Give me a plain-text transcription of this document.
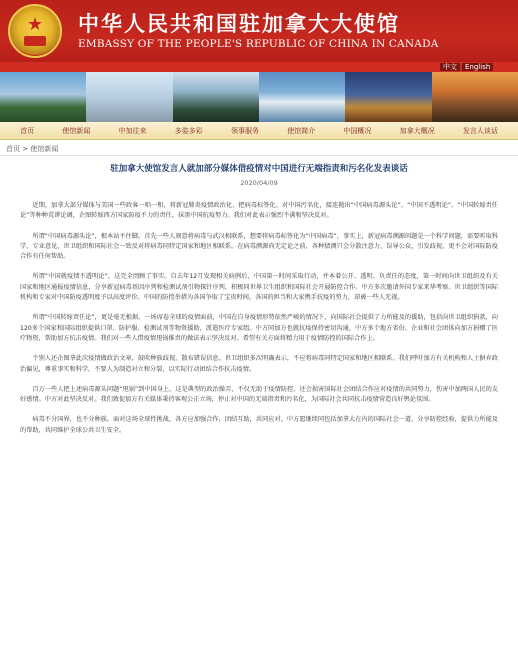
★ 中华人民共和国驻加拿大大使馆
EMBASSY OF THE PEOPLE'S REPUBLIC OF CHINA IN CANADA
中文	English
首页	使馆新闻	中加往来	多姿多彩	领事服务	使馆简介	中国概况	加拿大概况	发言人谈话
首页 > 使馆新闻

驻加拿大使馆发言人就加部分媒体借疫情对中国进行无端指责和污名化发表谈话

2020/04/09

近期，加拿大部分媒体与美国一些政客一唱一和，将新冠肺炎疫情政治化、把病毒标签化、对中国污名化，接连抛出“中国病毒源头论”、“中国不透明论”、“中国转嫁责任论”等种种荒谬论调，企图转嫁西方国家防疫不力的责任，抹黑中国抗疫努力。我们对此表示强烈不满和坚决反对。

所谓“中国病毒源头论”，根本站不住脚。首先一些人刻意将病毒与武汉相联系，想要将病毒标签化为“中国病毒”，事实上，新冠病毒溯源问题是一个科学问题，需要听取科学、专业意见，世卫组织和国际社会一致反对将病毒同特定国家和地区相联系。在病毒溯源尚无定论之前，各种猜测只会分散注意力，误导公众，引发歧视，更不会对国际防疫合作有任何帮助。

所谓“中国就疫情不透明论”，这完全罔顾了事实。自去年12月发现相关病例后，中国第一时间采取行动，并本着公开、透明、负责任的态度，第一时间向世卫组织及有关国家和地区通报疫情信息，分享新冠病毒基因序列和检测试剂引物探针序列，积极同世界卫生组织和国际社会开展防控合作。中方多次邀请外国专家来华考察。世卫组织等国际机构和专家对中国防疫透明度予以高度评价。中国的防控举措为各国争取了宝贵时间，各国的担当和大家携手抗疫的努力，却被一些人无视。

所谓“中国转嫁责任论”，更是毫无根据。一场席卷全球的疫情面前，中国在自身疫情形势依然严峻的情况下，向国际社会提供了力所能及的援助，包括向世卫组织捐款，向120多个国家和国际组织提供口罩、防护服、检测试剂等物资援助，派遣医疗专家组。中方同加方也就抗疫保持密切沟通，中方多个地方省份、企业和社会团体向加方捐赠了医疗物资，帮助加方抗击疫情。我们对一些人借疫情甩锅推责的做法表示坚决反对。希望有关方面将精力用于疫情防控的国际合作上。

个别人还企图拿此次疫情做政治文章，鼓吹种族歧视，散布错误信息。世卫组织多次明确表示，不应将病毒同特定国家和地区相联系。我们呼吁加方有关机构和人士摒弃政治偏见，尊重事实和科学，不要人为制造对立和分裂，以实际行动团结合作抗击疫情。

百万一些人把上述病毒源头问题“甩锅”到中国身上，这是典型的政治操弄，不仅无助于疫情防控，还会损害国际社会团结合作应对疫情的共同努力，伤害中加两国人民的友好感情。中方对此坚决反对。我们敦促加方有关媒体秉持客观公正立场，停止对中国的无端指责和污名化，为国际社会共同抗击疫情营造良好舆论氛围。

病毒不分国界，也不分种族。面对这场全球性挑战，各方应加强合作，团结互助，共同应对。中方愿继续同包括加拿大在内的国际社会一道，分享防控经验，提供力所能及的帮助，共同维护全球公共卫生安全。
